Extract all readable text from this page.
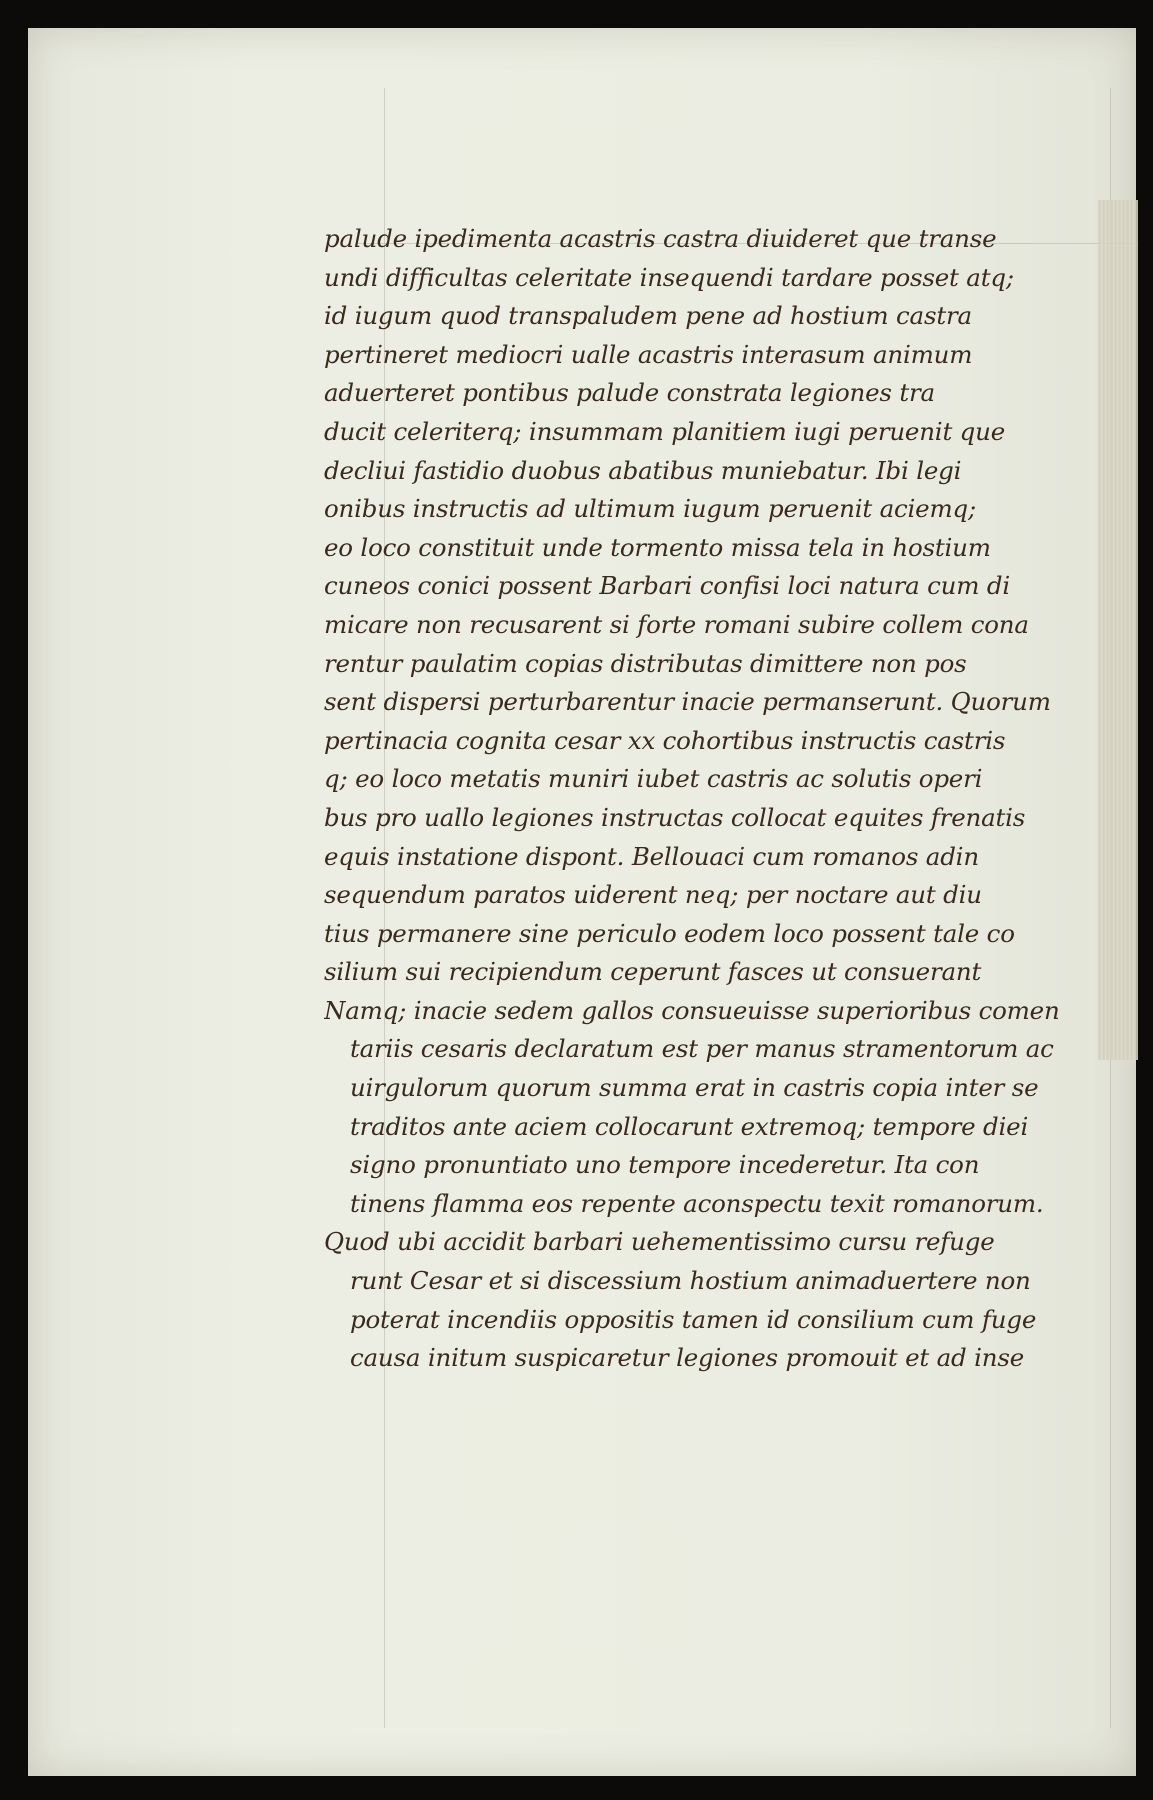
palude ipedimenta acastris castra diuideret que transe
undi difficultas celeritate insequendi tardare posset atq;
id iugum quod transpaludem pene ad hostium castra
pertineret mediocri ualle acastris interasum animum
aduerteret pontibus palude constrata legiones tra
ducit celeriterq; insummam planitiem iugi peruenit que
decliui fastidio duobus abatibus muniebatur. Ibi legi
onibus instructis ad ultimum iugum peruenit aciemq;
eo loco constituit unde tormento missa tela in hostium
cuneos conici possent Barbari confisi loci natura cum di
micare non recusarent si forte romani subire collem cona
rentur paulatim copias distributas dimittere non pos
sent dispersi perturbarentur inacie permanserunt. Quorum
pertinacia cognita cesar xx cohortibus instructis castris
q; eo loco metatis muniri iubet castris ac solutis operi
bus pro uallo legiones instructas collocat equites frenatis
equis instatione dispont. Bellouaci cum romanos adin
sequendum paratos uiderent neq; per noctare aut diu
tius permanere sine periculo eodem loco possent tale co
silium sui recipiendum ceperunt fasces ut consuerant
Namq; inacie sedem gallos consueuisse superioribus comen
tariis cesaris declaratum est per manus stramentorum ac
uirgulorum quorum summa erat in castris copia inter se
traditos ante aciem collocarunt extremoq; tempore diei
signo pronuntiato uno tempore incederetur. Ita con
tinens flamma eos repente aconspectu texit romanorum.
Quod ubi accidit barbari uehementissimo cursu refuge
runt Cesar et si discessium hostium animaduertere non
poterat incendiis oppositis tamen id consilium cum fuge
causa initum suspicaretur legiones promouit et ad inse
